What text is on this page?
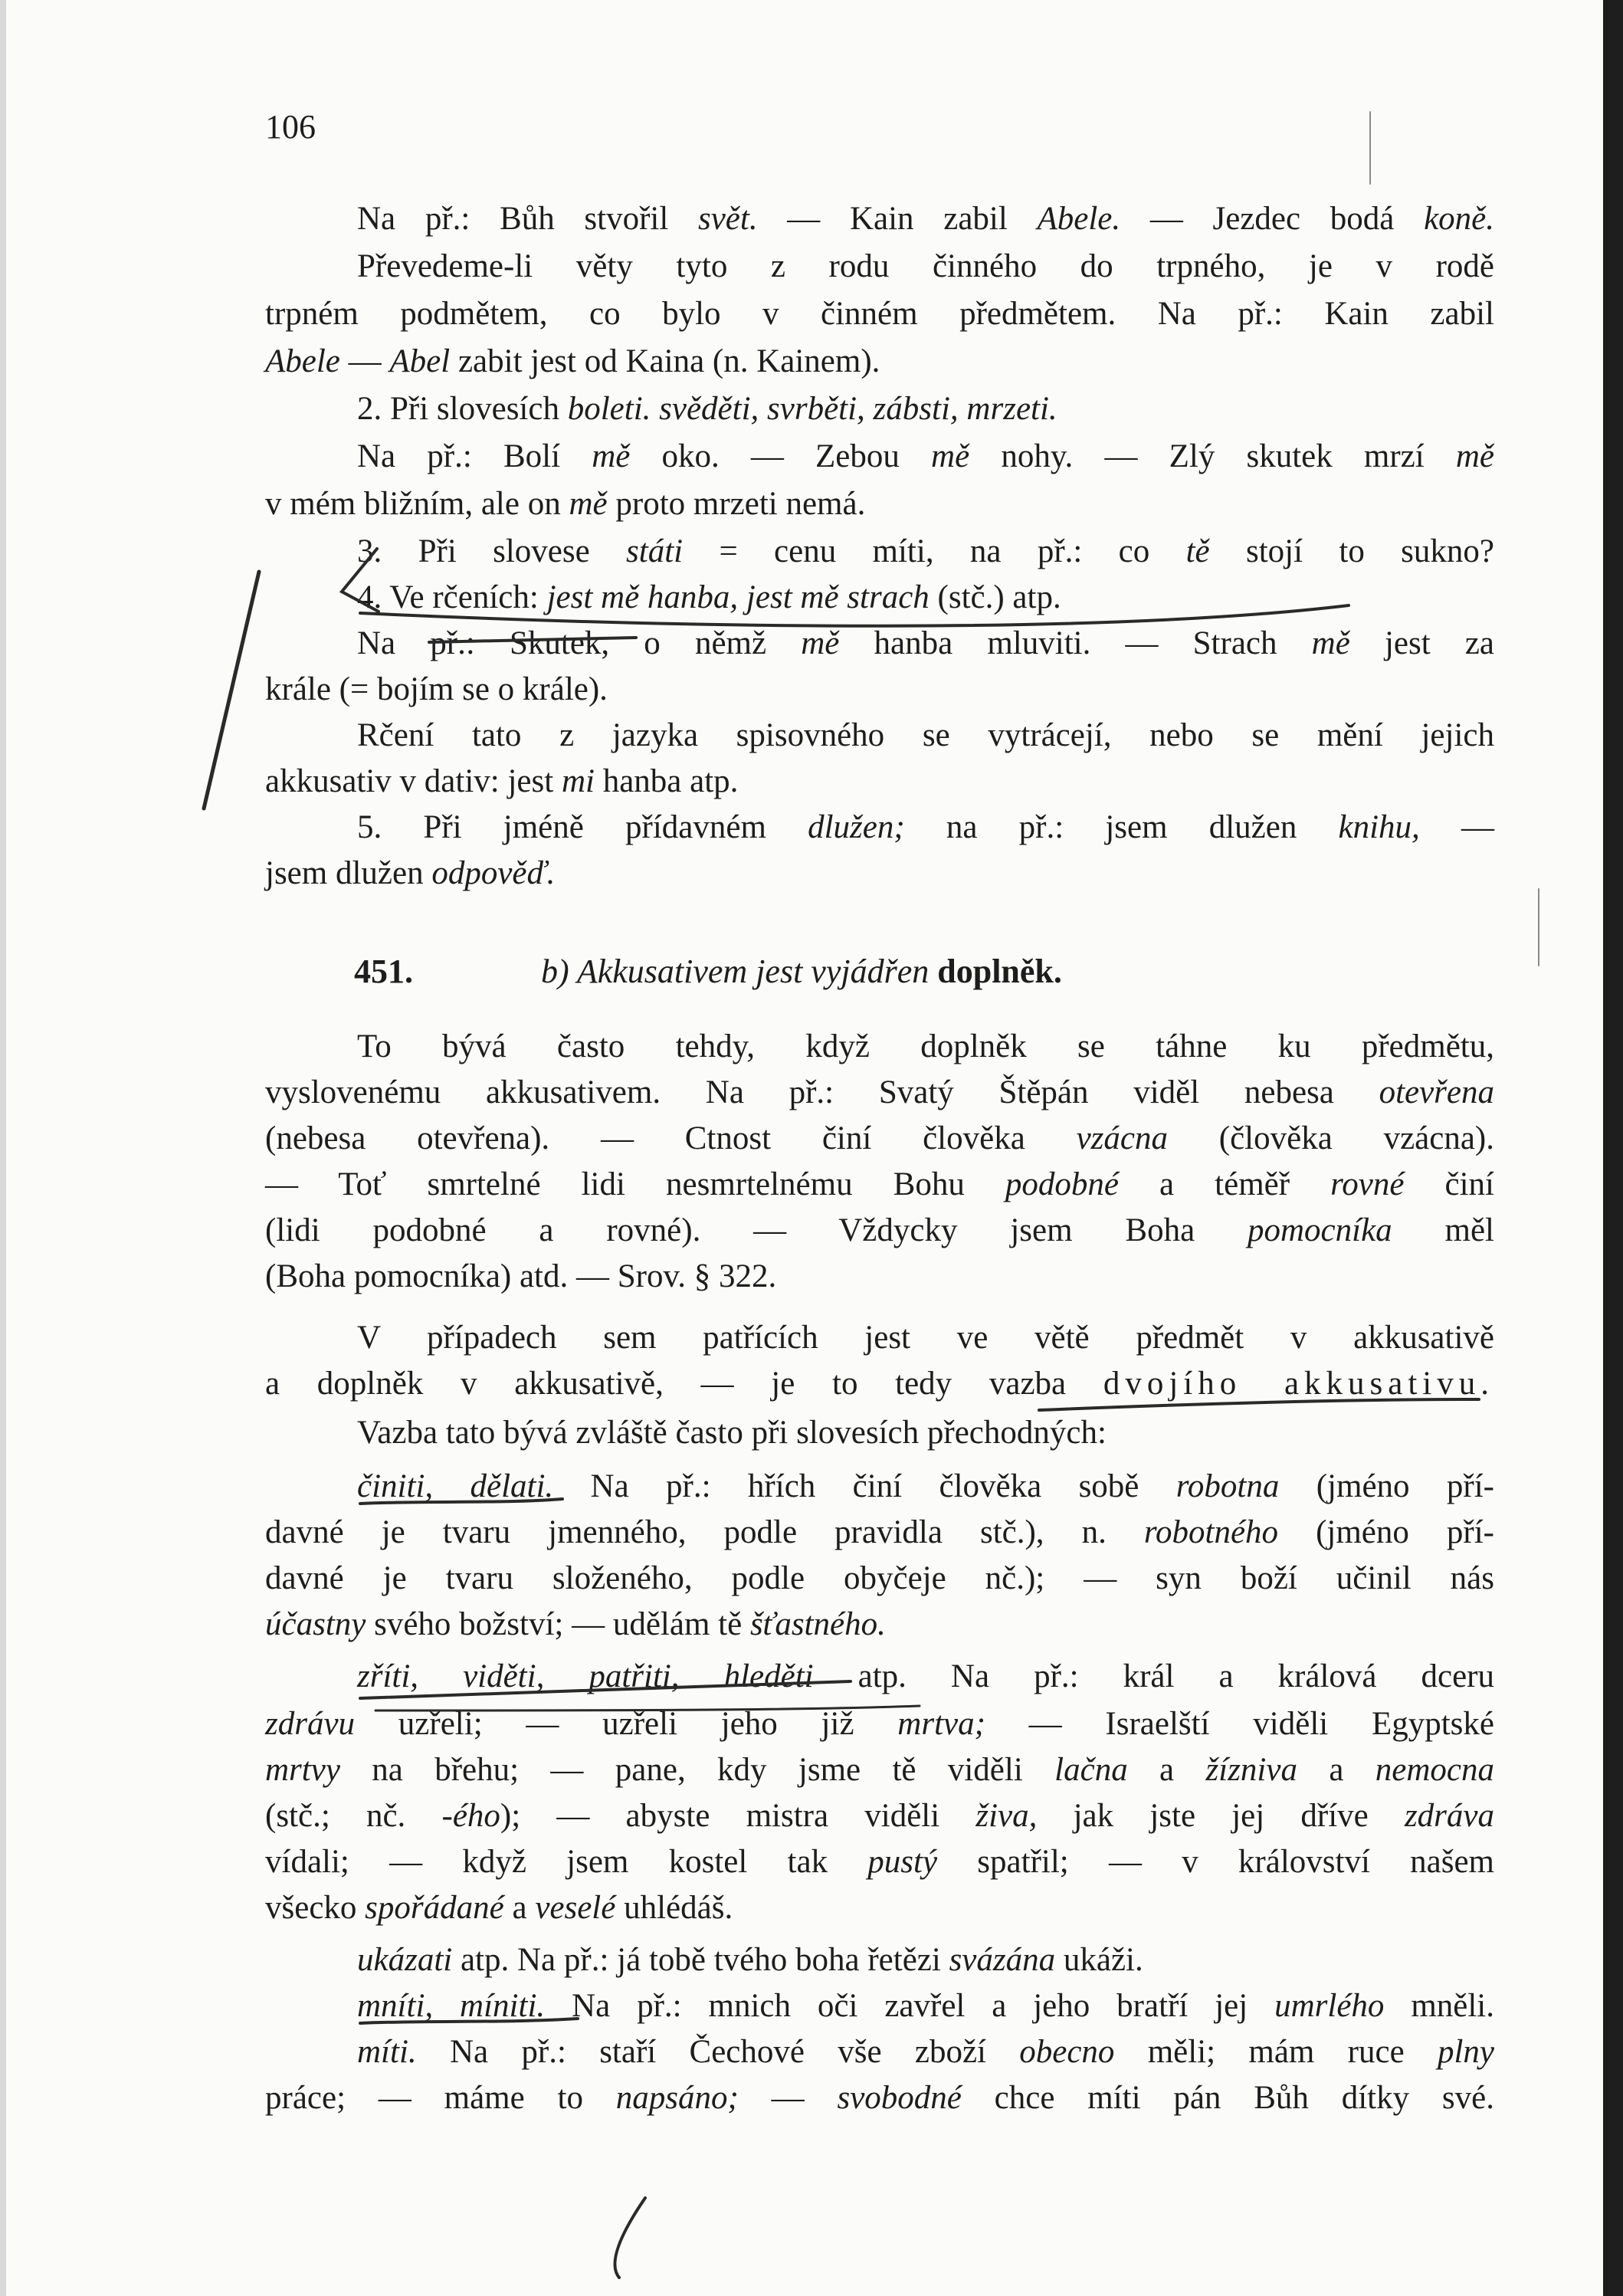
106
Na př.: Bůh stvořil svět. — Kain zabil Abele. — Jezdec bodá koně.
Převedeme-li věty tyto z rodu činného do trpného, je v rodě
trpném podmětem, co bylo v činném předmětem. Na př.: Kain zabil
Abele — Abel zabit jest od Kaina (n. Kainem).
2. Při slovesích boleti. svěděti, svrběti, zábsti, mrzeti.
Na př.: Bolí mě oko. — Zebou mě nohy. — Zlý skutek mrzí mě
v mém bližním, ale on mě proto mrzeti nemá.
3. Při slovese státi = cenu míti, na př.: co tě stojí to sukno?
4. Ve rčeních: jest mě hanba, jest mě strach (stč.) atp.
Na př.: Skutek, o němž mě hanba mluviti. — Strach mě jest za
krále (= bojím se o krále).
Rčení tato z jazyka spisovného se vytrácejí, nebo se mění jejich
akkusativ v dativ: jest mi hanba atp.
5. Při jméně přídavném dlužen; na př.: jsem dlužen knihu, —
jsem dlužen odpověď.
451.	b) Akkusativem jest vyjádřen doplněk.
To bývá často tehdy, když doplněk se táhne ku předmětu,
vyslovenému akkusativem. Na př.: Svatý Štěpán viděl nebesa otevřena
(nebesa otevřena). — Ctnost činí člověka vzácna (člověka vzácna).
— Toť smrtelné lidi nesmrtelnému Bohu podobné a téměř rovné činí
(lidi podobné a rovné). — Vždycky jsem Boha pomocníka měl
(Boha pomocníka) atd. — Srov. § 322.
V případech sem patřících jest ve větě předmět v akkusativě
a doplněk v akkusativě, — je to tedy vazba dvojího akkusativu.
Vazba tato bývá zvláště často při slovesích přechodných:
činiti, dělati. Na př.: hřích činí člověka sobě robotna (jméno pří-
davné je tvaru jmenného, podle pravidla stč.), n. robotného (jméno pří-
davné je tvaru složeného, podle obyčeje nč.); — syn boží učinil nás
účastny svého božství; — udělám tě šťastného.
zříti, viděti, patřiti, hleděti atp. Na př.: král a králová dceru
zdrávu uzřeli; — uzřeli jeho již mrtva; — Israelští viděli Egyptské
mrtvy na břehu; — pane, kdy jsme tě viděli lačna a žízniva a nemocna
(stč.; nč. -ého); — abyste mistra viděli živa, jak jste jej dříve zdráva
vídali; — když jsem kostel tak pustý spatřil; — v království našem
všecko spořádané a veselé uhlédáš.
ukázati atp. Na př.: já tobě tvého boha řetězi svázána ukáži.
mníti, míniti. Na př.: mnich oči zavřel a jeho bratří jej umrlého mněli.
míti. Na př.: staří Čechové vše zboží obecno měli; mám ruce plny
práce; — máme to napsáno; — svobodné chce míti pán Bůh dítky své.
